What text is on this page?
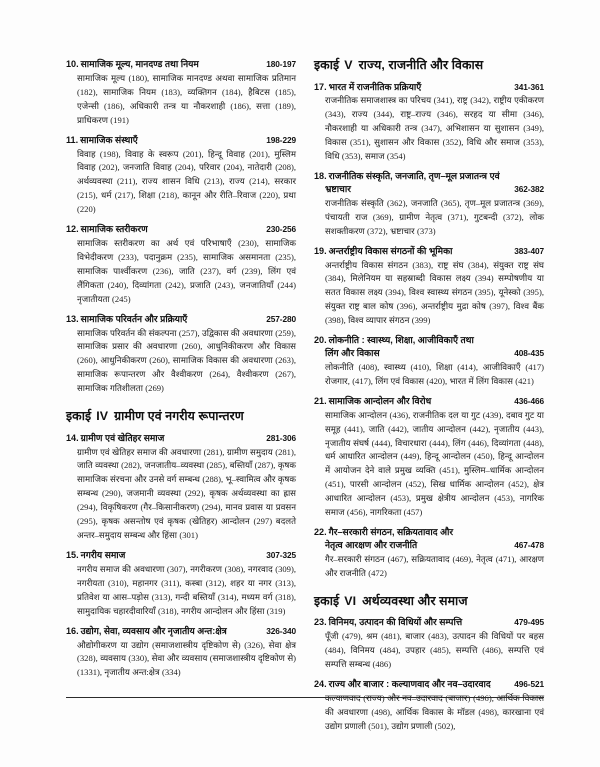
10. सामाजिक मूल्य, मानदण्ड तथा नियम	180-197
सामाजिक मूल्य (180), सामाजिक मानदण्ड अथवा सामाजिक प्रतिमान (182), सामाजिक नियम (183), व्यक्तिगन (184), हैबिटस (185), एजेन्सी (186), अधिकारी तन्त्र या नौकरशाही (186), सत्ता (189), प्राधिकरण (191)
11. सामाजिक संस्थाएँ	198-229
विवाह (198), विवाह के स्वरूप (201), हिन्दू विवाह (201), मुस्लिम विवाह (202), जनजाति विवाह (204), परिवार (204), नातेदारी (208), अर्थव्यवस्था (211), राज्य शासन विधि (213), राज्य (214), सरकार (215), धर्म (217), शिक्षा (218), कानून और रीति–रिवाज (220), प्रथा (220)
12. सामाजिक स्तरीकरण	230-256
सामाजिक स्तरीकरण का अर्थ एवं परिभाषाएँ (230), सामाजिक विभेदीकरण (233), पदानुक्रम (235), सामाजिक असमानता (235), सामाजिक पार्श्वीकरण (236), जाति (237), वर्ग (239), लिंग एवं लैंगिकता (240), दिव्यांगता (242), प्रजाति (243), जनजातियाँ (244) नृजातीयता (245)
13. सामाजिक परिवर्तन और प्रक्रियाएँ	257-280
सामाजिक परिवर्तन की संकल्पना (257), उद्विकास की अवधारणा (259), सामाजिक प्रसार की अवधारणा (260), आधुनिकीकरण और विकास (260), आधुनिकीकरण (260), सामाजिक विकास की अवधारणा (263), सामाजिक रूपान्तरण और वैश्वीकरण (264), वैश्वीकरण (267), सामाजिक गतिशीलता (269)
इकाई IV ग्रामीण एवं नगरीय रूपान्तरण
14. ग्रामीण एवं खेतिहर समाज	281-306
ग्रामीण एवं खेतिहर समाज की अवधारणा (281), ग्रामीण समुदाय (281), जाति व्यवस्था (282), जनजातीय–व्यवस्था (285), बस्तियाँ (287), कृषक सामाजिक संरचना और उनसे वर्ग सम्बन्ध (288), भू–स्वामित्व और कृषक सम्बन्ध (290), जजमानी व्यवस्था (292), कृषक अर्थव्यवस्था का ह्रास (294), विकृषिकरण (गैर–किसानीकरण) (294), मानव प्रवास या प्रवसन (295), कृषक असन्तोष एवं कृषक (खेतिहर) आन्दोलन (297) बदलते अन्तर–समुदाय सम्बन्ध और हिंसा (301)
15. नगरीय समाज	307-325
नगरीय समाज की अवधारणा (307), नगरीकरण (308), नगरवाद (309), नगरीयता (310), महानगर (311), कस्बा (312), शहर या नगर (313), प्रतिवेश या आस–पड़ोस (313), गन्दी बस्तियाँ (314), मध्यम वर्ग (318), सामुदायिक चहारदीवारियाँ (318), नगरीय आन्दोलन और हिंसा (319)
16. उद्योग, सेवा, व्यवसाय और नृजातीय अन्त:क्षेत्र	326-340
औद्योगीकरण या उद्योग (समाजशास्त्रीय दृष्टिकोण से) (326), सेवा क्षेत्र (328), व्यवसाय (330), सेवा और व्यवसाय (समाजशास्त्रीय दृष्टिकोण से) (1331), नृजातीय अन्त:क्षेत्र (334)
इकाई V राज्य, राजनीति और विकास
17. भारत में राजनीतिक प्रक्रियाएँ	341-361
राजनीतिक समाजशास्त्र का परिचय (341), राष्ट्र (342), राष्ट्रीय एकीकरण (343), राज्य (344), राष्ट्र–राज्य (346), सरहद या सीमा (346), नौकरशाही या अधिकारी तन्त्र (347), अभिशासन या सुशासन (349), विकास (351), सुशासन और विकास (352), विधि और समाज (353), विधि (353), समाज (354)
18. राजनीतिक संस्कृति, जनजाति, तृण–मूल प्रजातन्त्र एवं
भ्रष्टाचार	362-382
राजनीतिक संस्कृति (362), जनजाति (365), तृण–मूल प्रजातन्त्र (369), पंचायती राज (369), ग्रामीण नेतृत्व (371), गुटबन्दी (372), लोक सशक्तीकरण (372), भ्रष्टाचार (373)
19. अन्तर्राष्ट्रीय विकास संगठनों की भूमिका	383-407
अन्तर्राष्ट्रीय विकास संगठन (383), राष्ट्र संघ (384), संयुक्त राष्ट्र संघ (384), मिलेनियम या सहस्राब्दी विकास लक्ष्य (394) सम्पोषणीय या सतत विकास लक्ष्य (394), विश्व स्वास्थ्य संगठन (395), यूनेस्को (395), संयुक्त राष्ट्र बाल कोष (396), अन्तर्राष्ट्रीय मुद्रा कोष (397), विश्व बैंक (398), विश्व व्यापार संगठन (399)
20. लोकनीति : स्वास्थ्य, शिक्षा, आजीविकाएँ तथा
लिंग और विकास	408-435
लोकनीति (408), स्वास्थ्य (410), शिक्षा (414), आजीविकाएँ (417) रोजगार, (417), लिंग एवं विकास (420), भारत में लिंग विकास (421)
21. सामाजिक आन्दोलन और विरोध	436-466
सामाजिक आन्दोलन (436), राजनीतिक दल या गुट (439), दबाव गुट या समूह (441), जाति (442), जातीय आन्दोलन (442), नृजातीय (443), नृजातीय संघर्ष (444), विचारधारा (444), लिंग (446), दिव्यांगता (448), धर्म आधारित आन्दोलन (449), हिन्दू आन्दोलन (450), हिन्दू आन्दोलन में आयोजन देने वाले प्रमुख व्यक्ति (451), मुस्लिम–धार्मिक आन्दोलन (451), पारसी आन्दोलन (452), सिख धार्मिक आन्दोलन (452), क्षेत्र आधारित आन्दोलन (453), प्रमुख क्षेत्रीय आन्दोलन (453), नागरिक समाज (456), नागरिकता (457)
22. गैर–सरकारी संगठन, सक्रियतावाद और
नेतृत्व आरक्षण और राजनीति	467-478
गैर–सरकारी संगठन (467), सक्रियतावाद (469), नेतृत्व (471), आरक्षण और राजनीति (472)
इकाई VI अर्थव्यवस्था और समाज
23. विनिमय, उत्पादन की विधियों और सम्पत्ति	479-495
पूँजी (479), श्रम (481), बाजार (483), उत्पादन की विधियों पर बहस (484), विनिमय (484), उपहार (485), सम्पत्ति (486), सम्पत्ति एवं सम्पत्ति सम्बन्ध (486)
24. राज्य और बाजार : कल्याणवाद और नव–उदारवाद	496-521
कल्याणवाद (राज्य) और नव–उदारवाद (बाजार) (496), आर्थिक विकास की अवधारणा (498), आर्थिक विकास के मॉडल (498), कारखाना एवं उद्योग प्रणाली (501), उद्योग प्रणाली (502),
